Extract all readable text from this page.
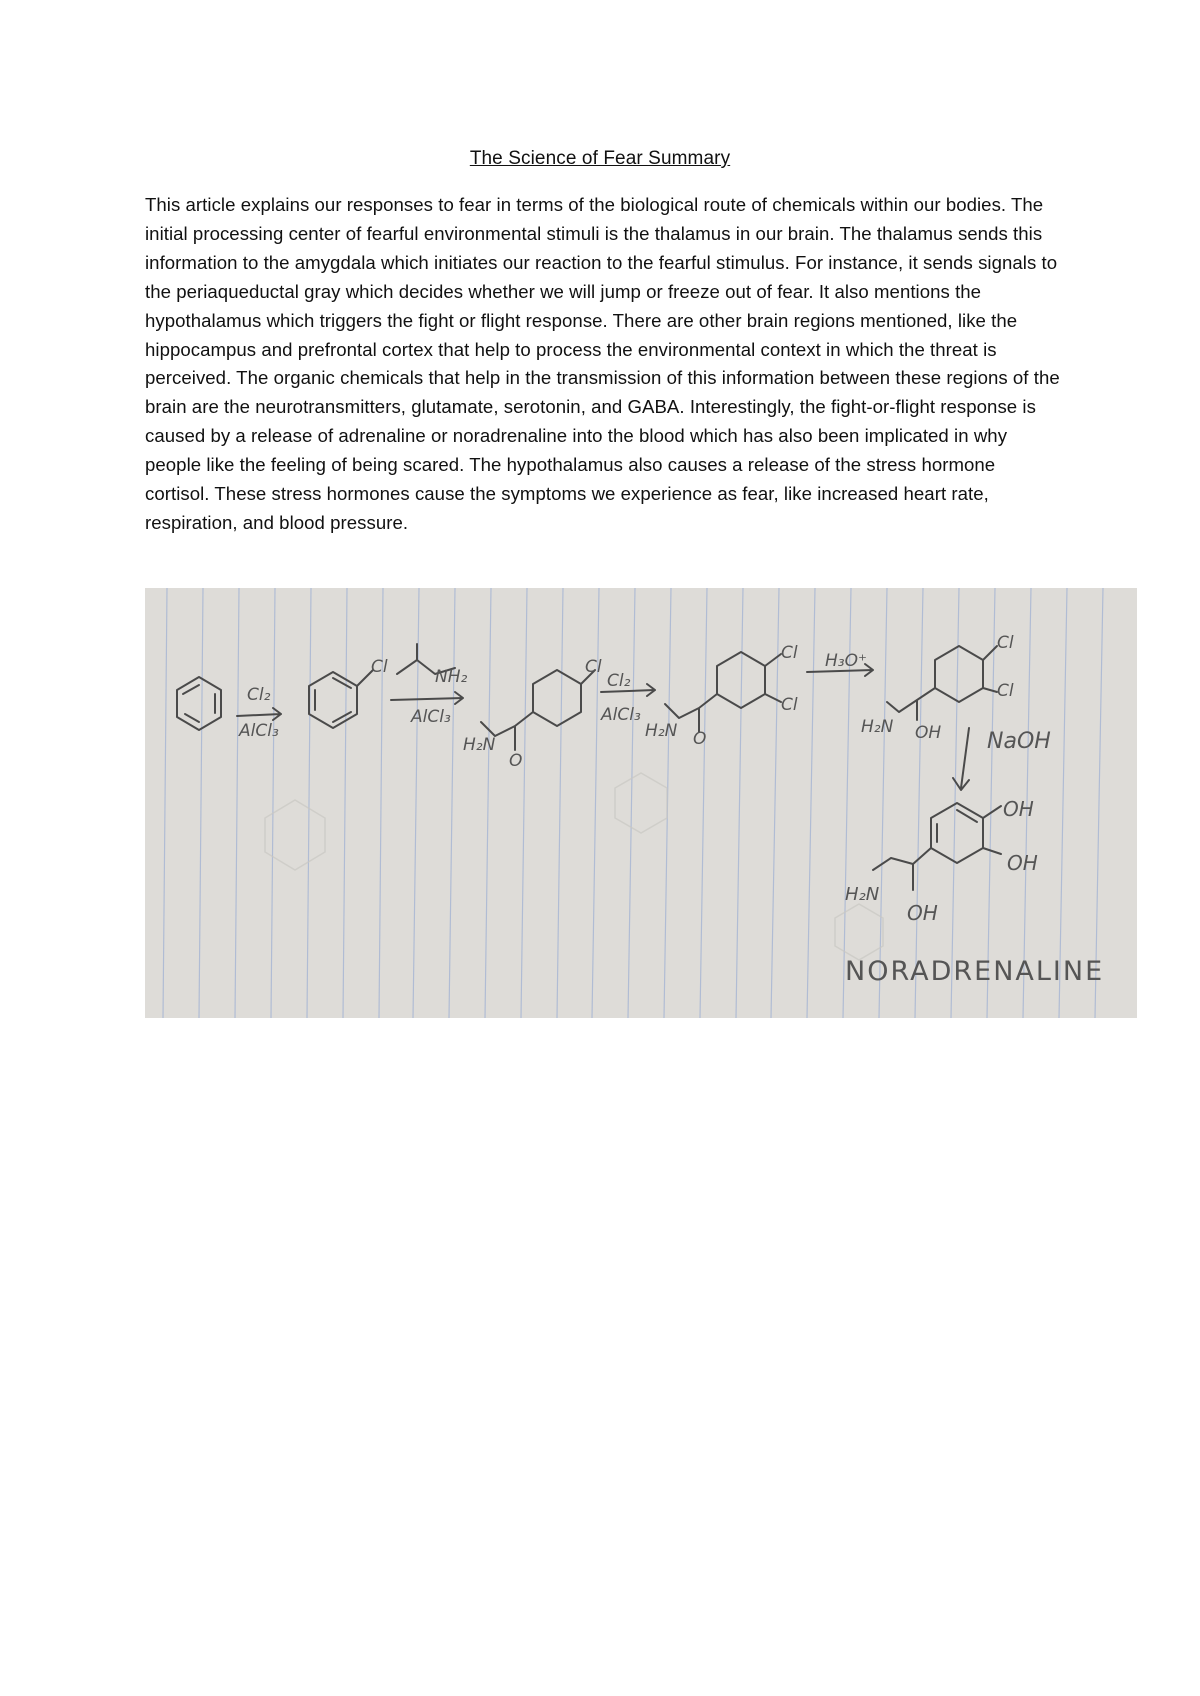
The Science of Fear Summary

This article explains our responses to fear in terms of the biological route of chemicals within our bodies. The initial processing center of fearful environmental stimuli is the thalamus in our brain. The thalamus sends this information to the amygdala which initiates our reaction to the fearful stimulus. For instance, it sends signals to the periaqueductal gray which decides whether we will jump or freeze out of fear. It also mentions the hypothalamus which triggers the fight or flight response. There are other brain regions mentioned, like the hippocampus and prefrontal cortex that help to process the environmental context in which the threat is perceived. The organic chemicals that help in the transmission of this information between these regions of the brain are the neurotransmitters, glutamate, serotonin, and GABA. Interestingly, the fight-or-flight response is caused by a release of adrenaline or noradrenaline into the blood which has also been implicated in why people like the feeling of being scared. The hypothalamus also causes a release of the stress hormone cortisol. These stress hormones cause the symptoms we experience as fear, like increased heart rate, respiration, and blood pressure.

Cl₂
AlCl₃
Cl	NH₂
AlCl₃
Cl
H₂N
O
Cl₂
AlCl₃
Cl
Cl
H₂N O
H₃O⁺
Cl
Cl
H₂N OH NaOH
OH
OH
H₂N
OH
NORADRENALINE
